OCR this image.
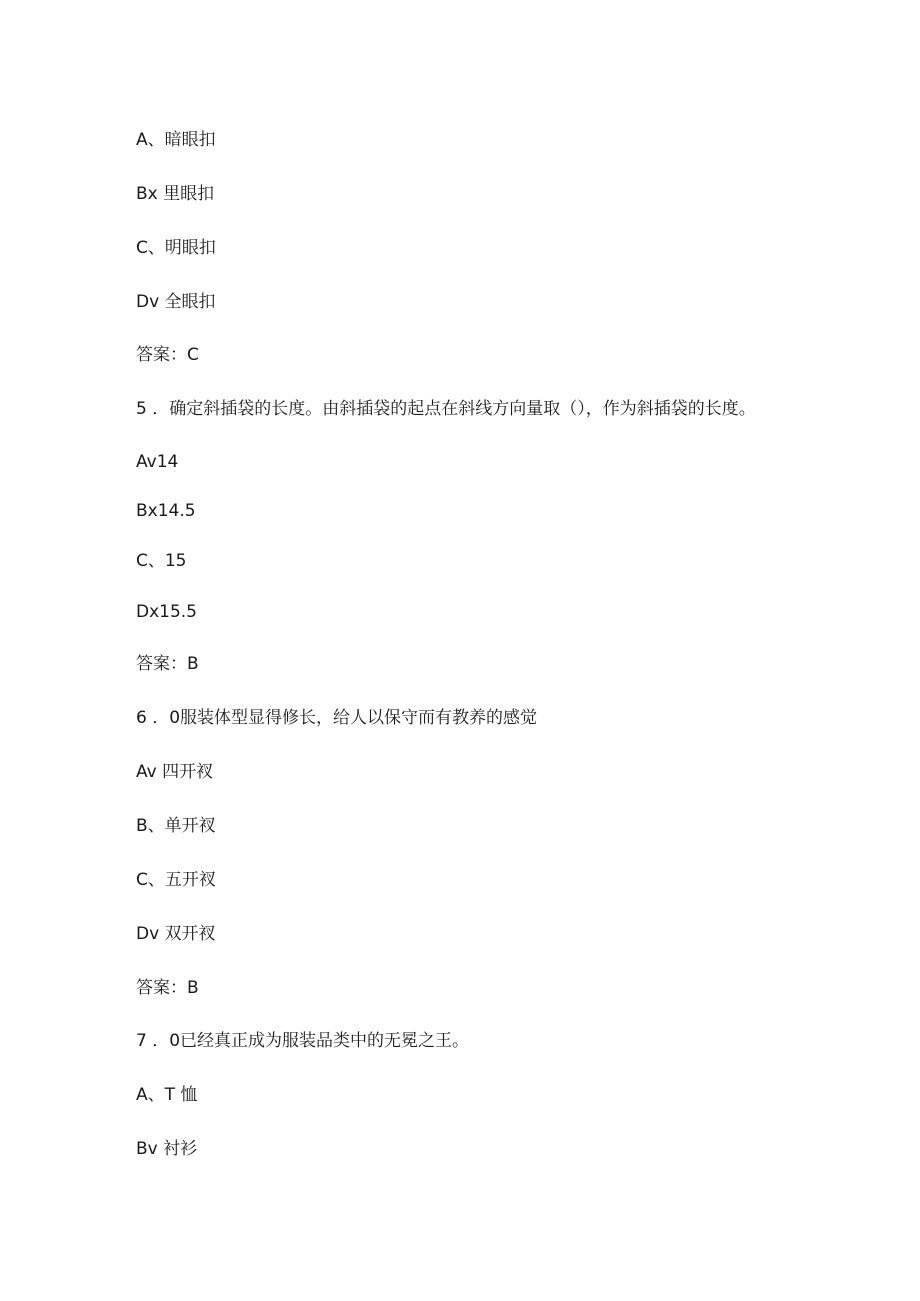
A、暗眼扣
Bx 里眼扣
C、明眼扣
Dv 全眼扣
答案：C
5 ．确定斜插袋的长度。由斜插袋的起点在斜线方向量取（），作为斜插袋的长度。
Av14
Bx14.5
C、15
Dx15.5
答案：B
6 ．0服装体型显得修长，给人以保守而有教养的感觉
Av 四开衩
B、单开衩
C、五开衩
Dv 双开衩
答案：B
7 ．0已经真正成为服装品类中的无冕之王。
A、T 恤
Bv 衬衫
